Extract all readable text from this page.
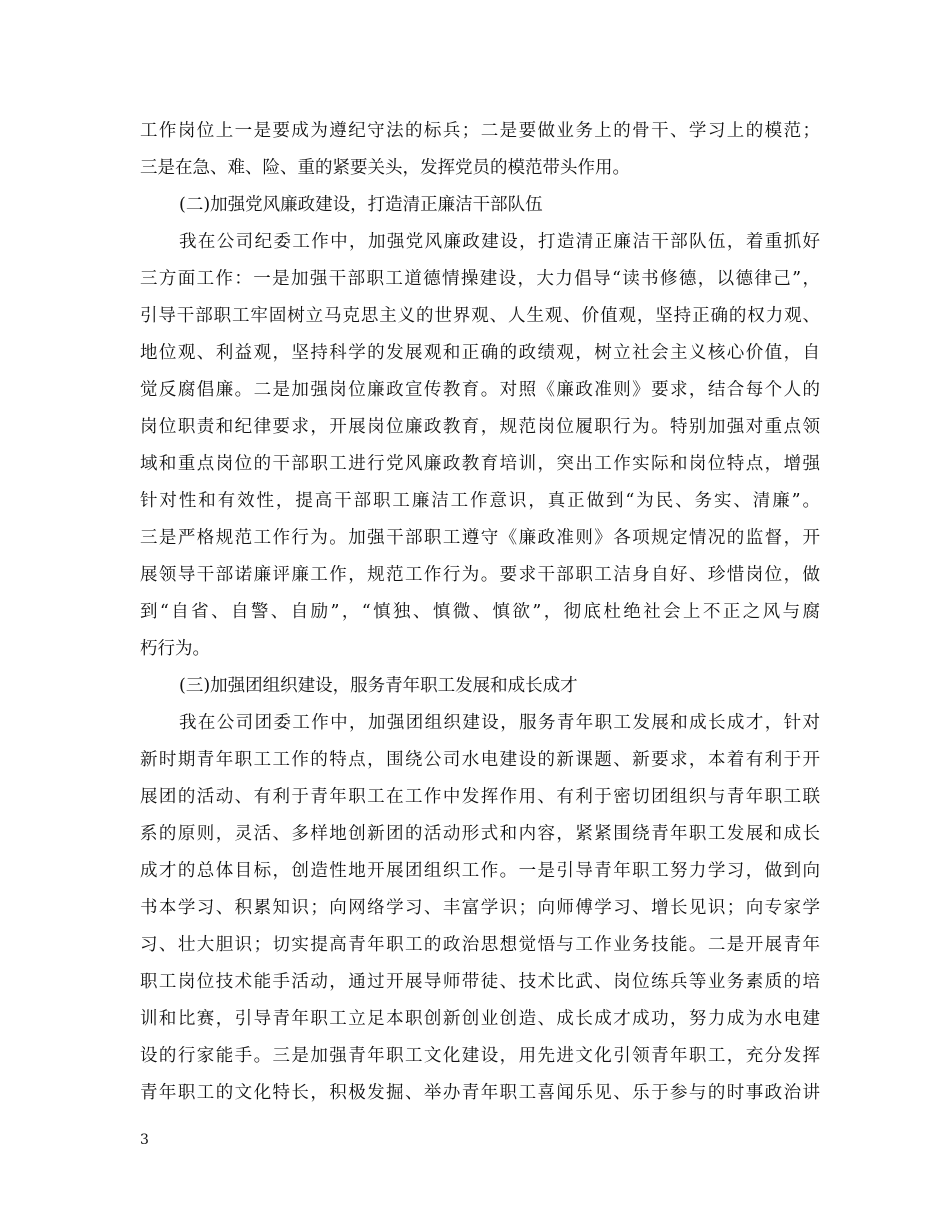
工作岗位上一是要成为遵纪守法的标兵；二是要做业务上的骨干、学习上的模范；
三是在急、难、险、重的紧要关头，发挥党员的模范带头作用。
(二)加强党风廉政建设，打造清正廉洁干部队伍
我在公司纪委工作中，加强党风廉政建设，打造清正廉洁干部队伍，着重抓好
三方面工作：一是加强干部职工道德情操建设，大力倡导“读书修德，以德律己”，
引导干部职工牢固树立马克思主义的世界观、人生观、价值观，坚持正确的权力观、
地位观、利益观，坚持科学的发展观和正确的政绩观，树立社会主义核心价值，自
觉反腐倡廉。二是加强岗位廉政宣传教育。对照《廉政准则》要求，结合每个人的
岗位职责和纪律要求，开展岗位廉政教育，规范岗位履职行为。特别加强对重点领
域和重点岗位的干部职工进行党风廉政教育培训，突出工作实际和岗位特点，增强
针对性和有效性，提高干部职工廉洁工作意识，真正做到“为民、务实、清廉”。
三是严格规范工作行为。加强干部职工遵守《廉政准则》各项规定情况的监督，开
展领导干部诺廉评廉工作，规范工作行为。要求干部职工洁身自好、珍惜岗位，做
到“自省、自警、自励”，“慎独、慎微、慎欲”，彻底杜绝社会上不正之风与腐
朽行为。
(三)加强团组织建设，服务青年职工发展和成长成才
我在公司团委工作中，加强团组织建设，服务青年职工发展和成长成才，针对
新时期青年职工工作的特点，围绕公司水电建设的新课题、新要求，本着有利于开
展团的活动、有利于青年职工在工作中发挥作用、有利于密切团组织与青年职工联
系的原则，灵活、多样地创新团的活动形式和内容，紧紧围绕青年职工发展和成长
成才的总体目标，创造性地开展团组织工作。一是引导青年职工努力学习，做到向
书本学习、积累知识；向网络学习、丰富学识；向师傅学习、增长见识；向专家学
习、壮大胆识；切实提高青年职工的政治思想觉悟与工作业务技能。二是开展青年
职工岗位技术能手活动，通过开展导师带徒、技术比武、岗位练兵等业务素质的培
训和比赛，引导青年职工立足本职创新创业创造、成长成才成功，努力成为水电建
设的行家能手。三是加强青年职工文化建设，用先进文化引领青年职工，充分发挥
青年职工的文化特长，积极发掘、举办青年职工喜闻乐见、乐于参与的时事政治讲
3
